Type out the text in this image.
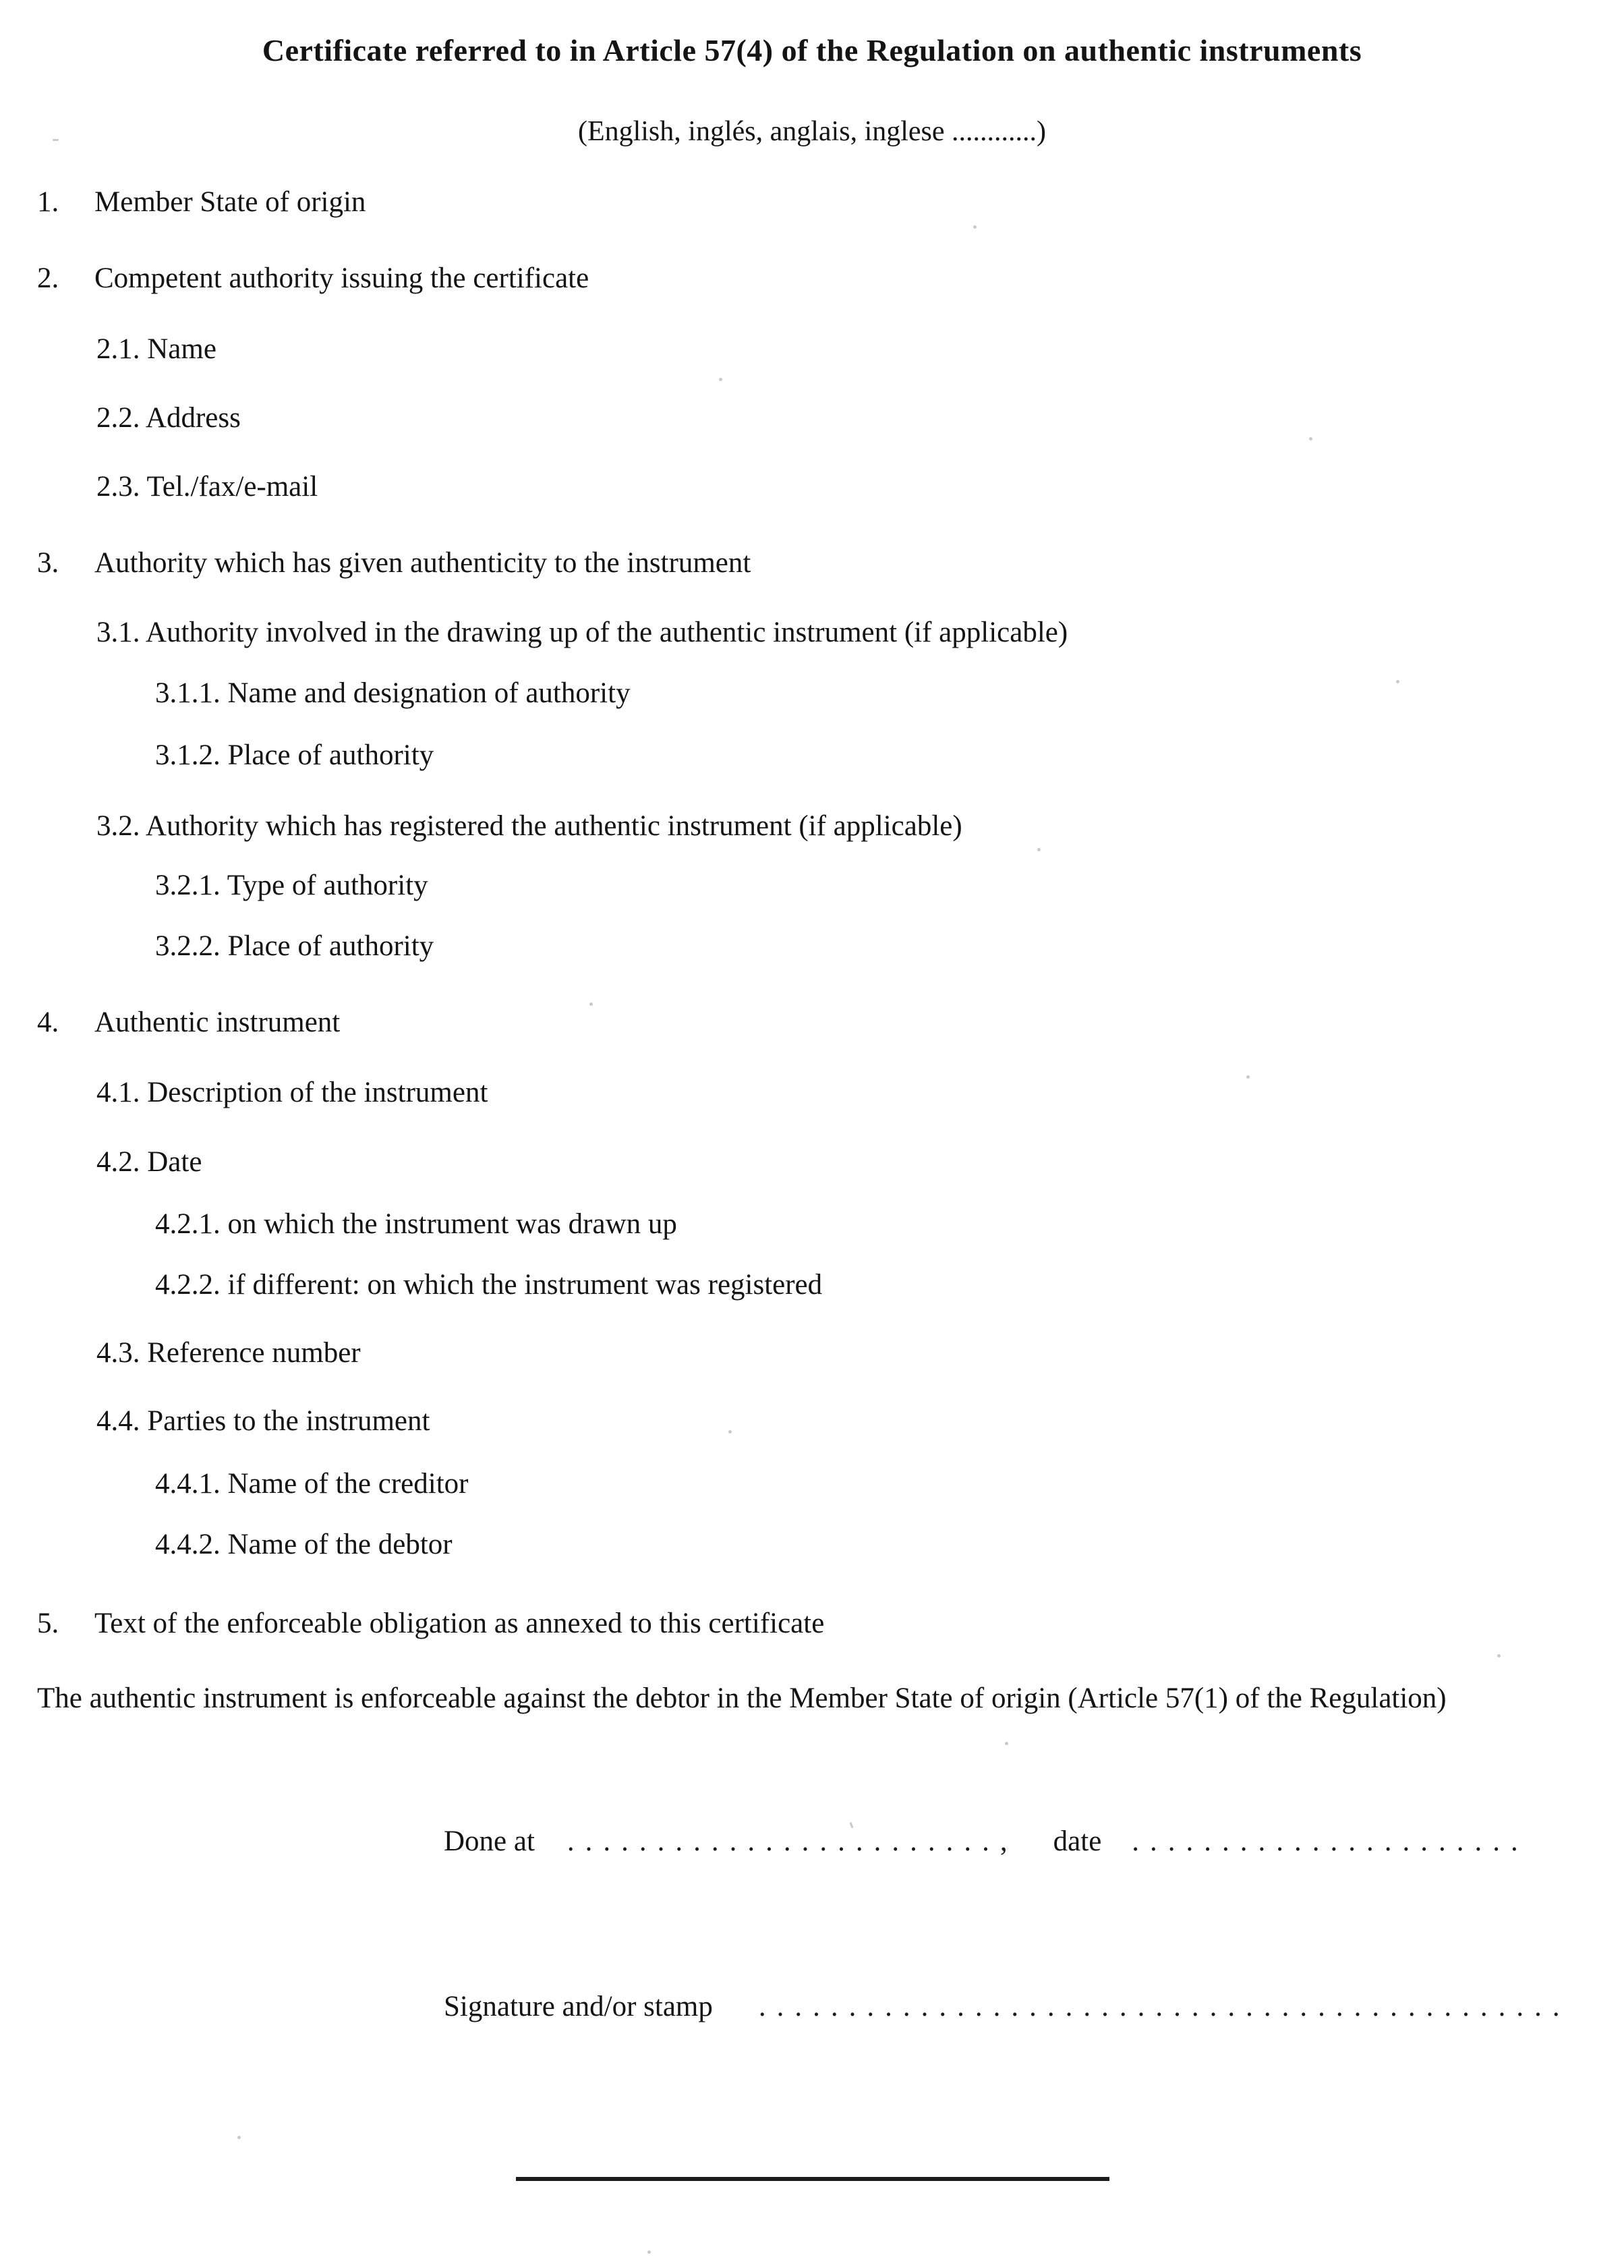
Certificate referred to in Article 57(4) of the Regulation on authentic instruments
(English, inglés, anglais, inglese ............)
1.	Member State of origin
2.	Competent authority issuing the certificate
2.1. Name
2.2. Address
2.3. Tel./fax/e-mail
3.	Authority which has given authenticity to the instrument
3.1. Authority involved in the drawing up of the authentic instrument (if applicable)
3.1.1. Name and designation of authority
3.1.2. Place of authority
3.2. Authority which has registered the authentic instrument (if applicable)
3.2.1. Type of authority
3.2.2. Place of authority
4.	Authentic instrument
4.1. Description of the instrument
4.2. Date
4.2.1. on which the instrument was drawn up
4.2.2. if different: on which the instrument was registered
4.3. Reference number
4.4. Parties to the instrument
4.4.1. Name of the creditor
4.4.2. Name of the debtor
5.	Text of the enforceable obligation as annexed to this certificate
The authentic instrument is enforceable against the debtor in the Member State of origin (Article 57(1) of the Regulation)
Done at ........................, date ......................
Signature and/or stamp .............................................
